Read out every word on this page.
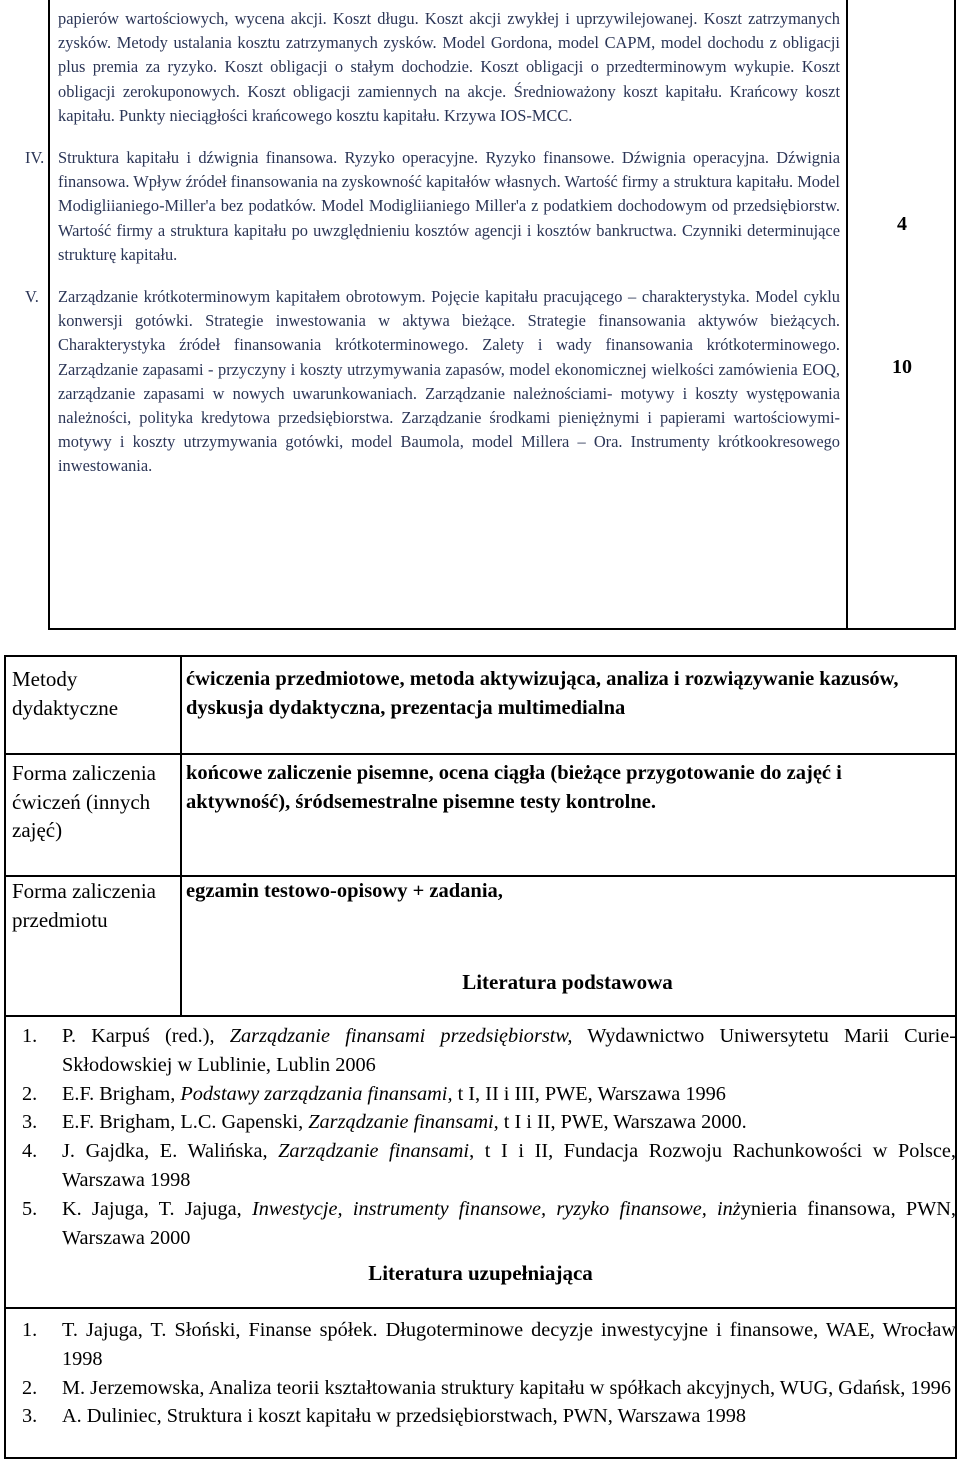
papierów wartościowych, wycena akcji. Koszt długu. Koszt akcji zwykłej i uprzywilejowanej. Koszt zatrzymanych zysków. Metody ustalania kosztu zatrzymanych zysków. Model Gordona, model CAPM, model dochodu z obligacji plus premia za ryzyko. Koszt obligacji o stałym dochodzie. Koszt obligacji o przedterminowym wykupie. Koszt obligacji zerokuponowych. Koszt obligacji zamiennych na akcje. Średnioważony koszt kapitału. Krańcowy koszt kapitału. Punkty nieciągłości krańcowego kosztu kapitału. Krzywa IOS-MCC.
IV. Struktura kapitału i dźwignia finansowa. Ryzyko operacyjne. Ryzyko finansowe. Dźwignia operacyjna. Dźwignia finansowa. Wpływ źródeł finansowania na zyskowność kapitałów własnych. Wartość firmy a struktura kapitału. Model Modigliianiego-Miller'a bez podatków. Model Modigliianiego Miller'a z podatkiem dochodowym od przedsiębiorstw. Wartość firmy a struktura kapitału po uwzględnieniu kosztów agencji i kosztów bankructwa. Czynniki determinujące strukturę kapitału.
V. Zarządzanie krótkoterminowym kapitałem obrotowym. Pojęcie kapitału pracującego – charakterystyka. Model cyklu konwersji gotówki. Strategie inwestowania w aktywa bieżące. Strategie finansowania aktywów bieżących. Charakterystyka źródeł finansowania krótkoterminowego. Zalety i wady finansowania krótkoterminowego. Zarządzanie zapasami - przyczyny i koszty utrzymywania zapasów, model ekonomicznej wielkości zamówienia EOQ, zarządzanie zapasami w nowych uwarunkowaniach. Zarządzanie należnościami- motywy i koszty występowania należności, polityka kredytowa przedsiębiorstwa. Zarządzanie środkami pieniężnymi i papierami wartościowymi- motywy i koszty utrzymywania gotówki, model Baumola, model Millera – Ora. Instrumenty krótkookresowego inwestowania.
4
10
Metody dydaktyczne
ćwiczenia przedmiotowe, metoda aktywizująca, analiza i rozwiązywanie kazusów, dyskusja dydaktyczna, prezentacja multimedialna
Forma zaliczenia ćwiczeń (innych zajęć)
końcowe zaliczenie pisemne, ocena ciągła (bieżące przygotowanie do zajęć i aktywność), śródsemestralne pisemne testy kontrolne.
Forma zaliczenia przedmiotu
egzamin testowo-opisowy + zadania,
Literatura podstawowa
1. P. Karpuś (red.), Zarządzanie finansami przedsiębiorstw, Wydawnictwo Uniwersytetu Marii Curie-Skłodowskiej w Lublinie, Lublin 2006
2. E.F. Brigham, Podstawy zarządzania finansami, t I, II i III, PWE, Warszawa 1996
3. E.F. Brigham, L.C. Gapenski, Zarządzanie finansami, t I i II, PWE, Warszawa 2000.
4. J. Gajdka, E. Walińska, Zarządzanie finansami, t I i II, Fundacja Rozwoju Rachunkowości w Polsce, Warszawa 1998
5. K. Jajuga, T. Jajuga, Inwestycje, instrumenty finansowe, ryzyko finansowe, inżynieria finansowa, PWN, Warszawa 2000
Literatura uzupełniająca
1. T. Jajuga, T. Słoński, Finanse spółek. Długoterminowe decyzje inwestycyjne i finansowe, WAE, Wrocław 1998
2. M. Jerzemowska, Analiza teorii kształtowania struktury kapitału w spółkach akcyjnych, WUG, Gdańsk, 1996
3. A. Duliniec, Struktura i koszt kapitału w przedsiębiorstwach, PWN, Warszawa 1998
